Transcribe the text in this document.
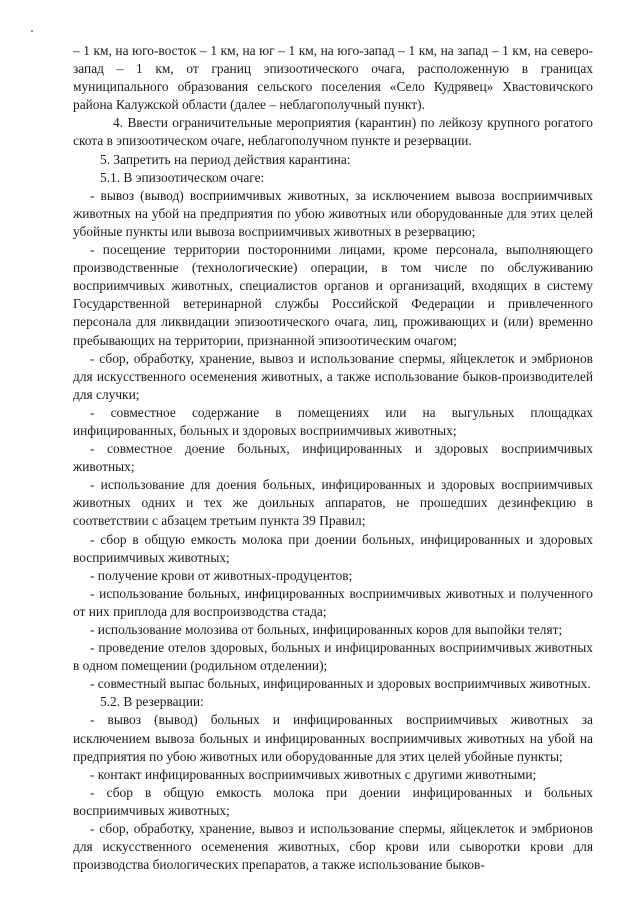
– 1 км, на юго-восток – 1 км, на юг – 1 км, на юго-запад – 1 км, на запад – 1 км, на северо-запад – 1 км, от границ эпизоотического очага, расположенную в границах муниципального образования сельского поселения «Село Кудрявец» Хвастовичского района Калужской области (далее – неблагополучный пункт).

4. Ввести ограничительные мероприятия (карантин) по лейкозу крупного рогатого скота в эпизоотическом очаге, неблагополучном пункте и резервации.

5. Запретить на период действия карантина:

5.1. В эпизоотическом очаге:

- вывоз (вывод) восприимчивых животных, за исключением вывоза восприимчивых животных на убой на предприятия по убою животных или оборудованные для этих целей убойные пункты или вывоза восприимчивых животных в резервацию;

- посещение территории посторонними лицами, кроме персонала, выполняющего производственные (технологические) операции, в том числе по обслуживанию восприимчивых животных, специалистов органов и организаций, входящих в систему Государственной ветеринарной службы Российской Федерации и привлеченного персонала для ликвидации эпизоотического очага, лиц, проживающих и (или) временно пребывающих на территории, признанной эпизоотическим очагом;

- сбор, обработку, хранение, вывоз и использование спермы, яйцеклеток и эмбрионов для искусственного осеменения животных, а также использование быков-производителей для случки;

- совместное содержание в помещениях или на выгульных площадках инфицированных, больных и здоровых восприимчивых животных;

- совместное доение больных, инфицированных и здоровых восприимчивых животных;

- использование для доения больных, инфицированных и здоровых восприимчивых животных одних и тех же доильных аппаратов, не прошедших дезинфекцию в соответствии с абзацем третьим пункта 39 Правил;

- сбор в общую емкость молока при доении больных, инфицированных и здоровых восприимчивых животных;

- получение крови от животных-продуцентов;

- использование больных, инфицированных восприимчивых животных и полученного от них приплода для воспроизводства стада;

- использование молозива от больных, инфицированных коров для выпойки телят;

- проведение отелов здоровых, больных и инфицированных восприимчивых животных в одном помещении (родильном отделении);

- совместный выпас больных, инфицированных и здоровых восприимчивых животных.

5.2. В резервации:

- вывоз (вывод) больных и инфицированных восприимчивых животных за исключением вывоза больных и инфицированных восприимчивых животных на убой на предприятия по убою животных или оборудованные для этих целей убойные пункты;

- контакт инфицированных восприимчивых животных с другими животными;

- сбор в общую емкость молока при доении инфицированных и больных восприимчивых животных;

- сбор, обработку, хранение, вывоз и использование спермы, яйцеклеток и эмбрионов для искусственного осеменения животных, сбор крови или сыворотки крови для производства биологических препаратов, а также использование быков-
